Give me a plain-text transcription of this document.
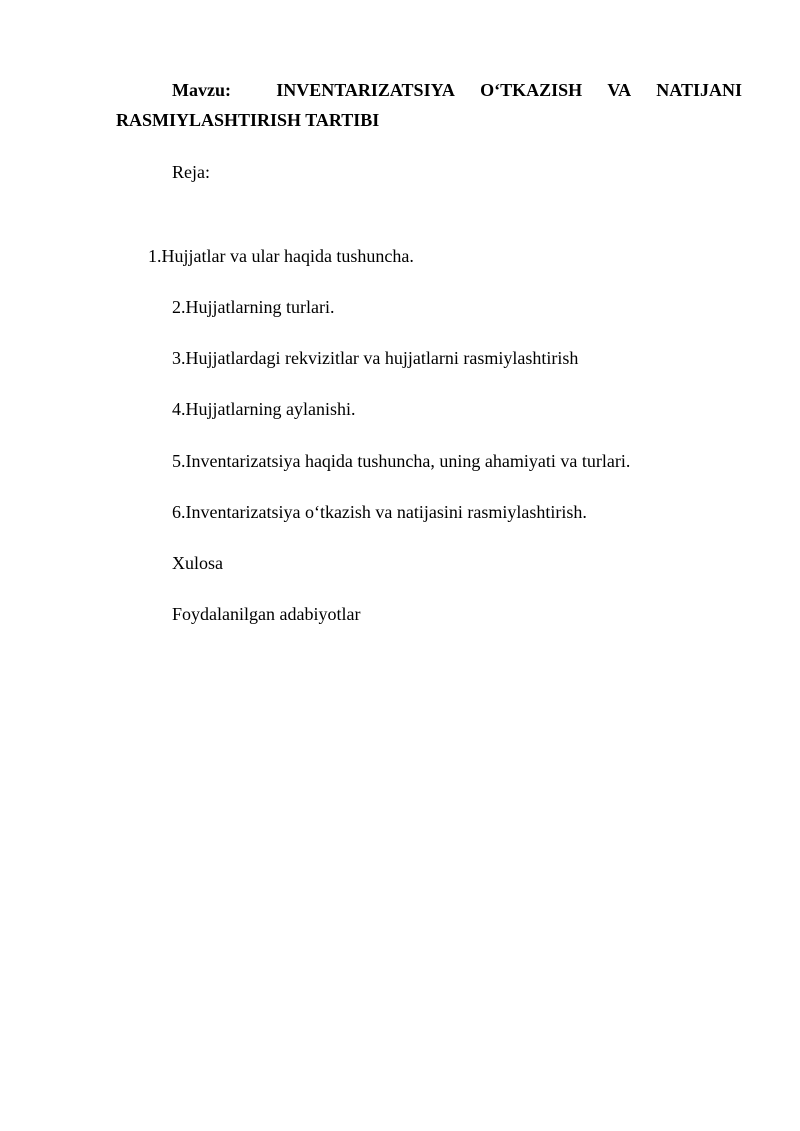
Mavzu:	INVENTARIZATSIYA O‘TKAZISH VA NATIJANI
RASMIYLASHTIRISH TARTIBI
Reja:
1.Hujjatlar va ular haqida tushuncha.
2.Hujjatlarning turlari.
3.Hujjatlardagi rekvizitlar va hujjatlarni rasmiylashtirish
4.Hujjatlarning aylanishi.
5.Inventarizatsiya haqida tushuncha, uning ahamiyati va turlari.
6.Inventarizatsiya o‘tkazish va natijasini rasmiylashtirish.
Xulosa
Foydalanilgan adabiyotlar
